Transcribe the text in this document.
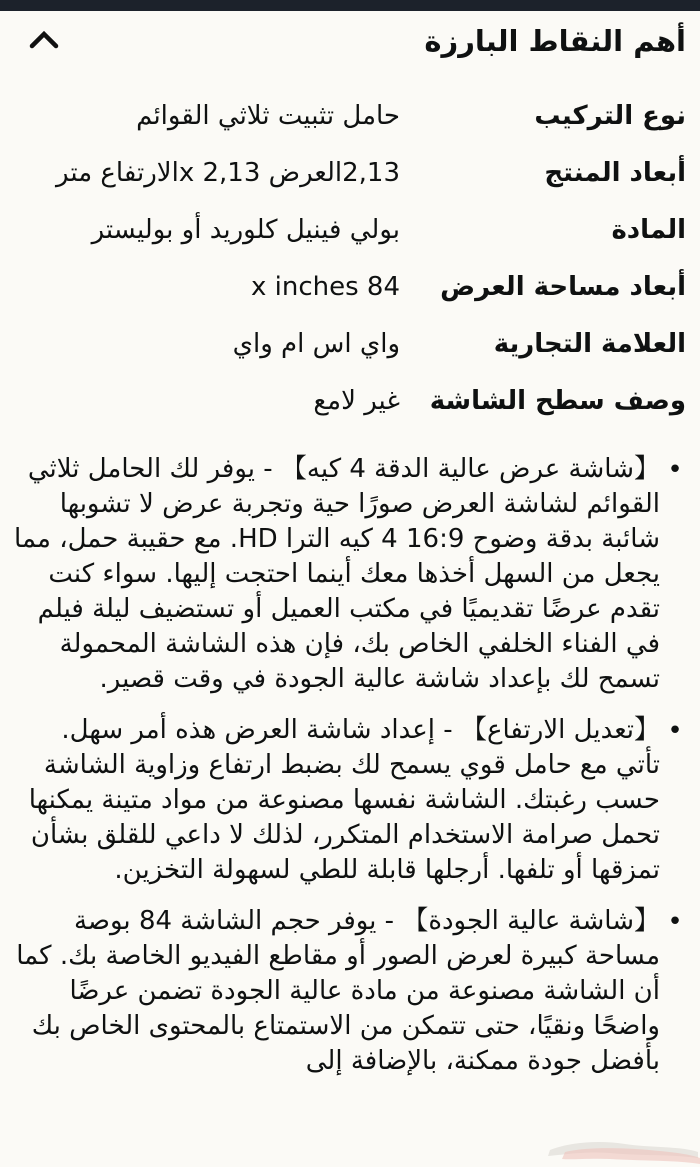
أهم النقاط البارزة
نوع التركيب
حامل تثبيت ثلاثي القوائم
أبعاد المنتج
2,13العرض x 2,13الارتفاع متر
المادة
بولي فينيل كلوريد أو بوليستر
أبعاد مساحة العرض
x inches 84
العلامة التجارية
واي اس ام واي
وصف سطح الشاشة
غير لامع
•
【شاشة عرض عالية الدقة 4 كيه】 - يوفر لك الحامل ثلاثي القوائم لشاشة العرض صورًا حية وتجربة عرض لا تشوبها شائبة بدقة وضوح 16:9 4 كيه الترا HD. مع حقيبة حمل، مما يجعل من السهل أخذها معك أينما احتجت إليها. سواء كنت تقدم عرضًا تقديميًا في مكتب العميل أو تستضيف ليلة فيلم في الفناء الخلفي الخاص بك، فإن هذه الشاشة المحمولة تسمح لك بإعداد شاشة عالية الجودة في وقت قصير.
•
【تعديل الارتفاع】 - إعداد شاشة العرض هذه أمر سهل. تأتي مع حامل قوي يسمح لك بضبط ارتفاع وزاوية الشاشة حسب رغبتك. الشاشة نفسها مصنوعة من مواد متينة يمكنها تحمل صرامة الاستخدام المتكرر، لذلك لا داعي للقلق بشأن تمزقها أو تلفها. أرجلها قابلة للطي لسهولة التخزين.
•
【شاشة عالية الجودة】 - يوفر حجم الشاشة 84 بوصة مساحة كبيرة لعرض الصور أو مقاطع الفيديو الخاصة بك. كما أن الشاشة مصنوعة من مادة عالية الجودة تضمن عرضًا واضحًا ونقيًا، حتى تتمكن من الاستمتاع بالمحتوى الخاص بك بأفضل جودة ممكنة، بالإضافة إلى
